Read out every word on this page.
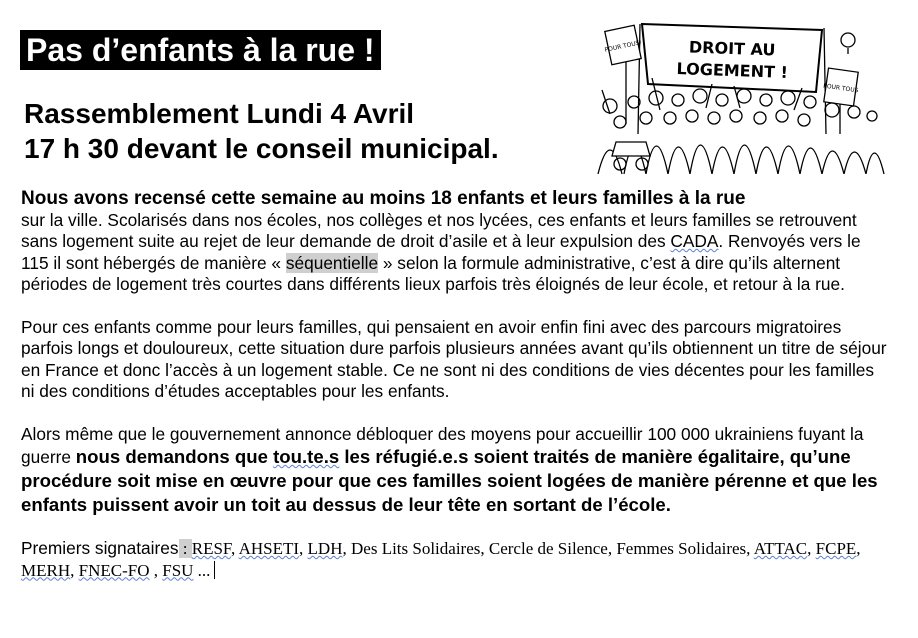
Pas d’enfants à la rue !
Rassemblement Lundi 4 Avril
17 h 30 devant le conseil municipal.
DROIT AU
LOGEMENT !
POUR TOUS!
POUR TOUS

Nous avons recensé cette semaine au moins 18 enfants et leurs familles à la rue
sur la ville. Scolarisés dans nos écoles, nos collèges et nos lycées, ces enfants et leurs familles se retrouvent sans logement suite au rejet de leur demande de droit d’asile et à leur expulsion des CADA. Renvoyés vers le 115 il sont hébergés de manière « séquentielle » selon la formule administrative, c’est à dire qu’ils alternent périodes de logement très courtes dans différents lieux parfois très éloignés de leur école, et retour à la rue.

Pour ces enfants comme pour leurs familles, qui pensaient en avoir enfin fini avec des parcours migratoires parfois longs et douloureux, cette situation dure parfois plusieurs années avant qu’ils obtiennent un titre de séjour en France et donc l’accès à un logement stable. Ce ne sont ni des conditions de vies décentes pour les familles ni des conditions d’études acceptables pour les enfants.

Alors même que le gouvernement annonce débloquer des moyens pour accueillir 100 000 ukrainiens fuyant la guerre nous demandons que tou.te.s les réfugié.e.s soient traités de manière égalitaire, qu’une procédure soit mise en œuvre pour que ces familles soient logées de manière pérenne et que les enfants puissent avoir un toit au dessus de leur tête en sortant de l’école.

Premiers signataires : RESF, AHSETI, LDH, Des Lits Solidaires, Cercle de Silence, Femmes Solidaires, ATTAC, FCPE, MERH, FNEC-FO , FSU ...
